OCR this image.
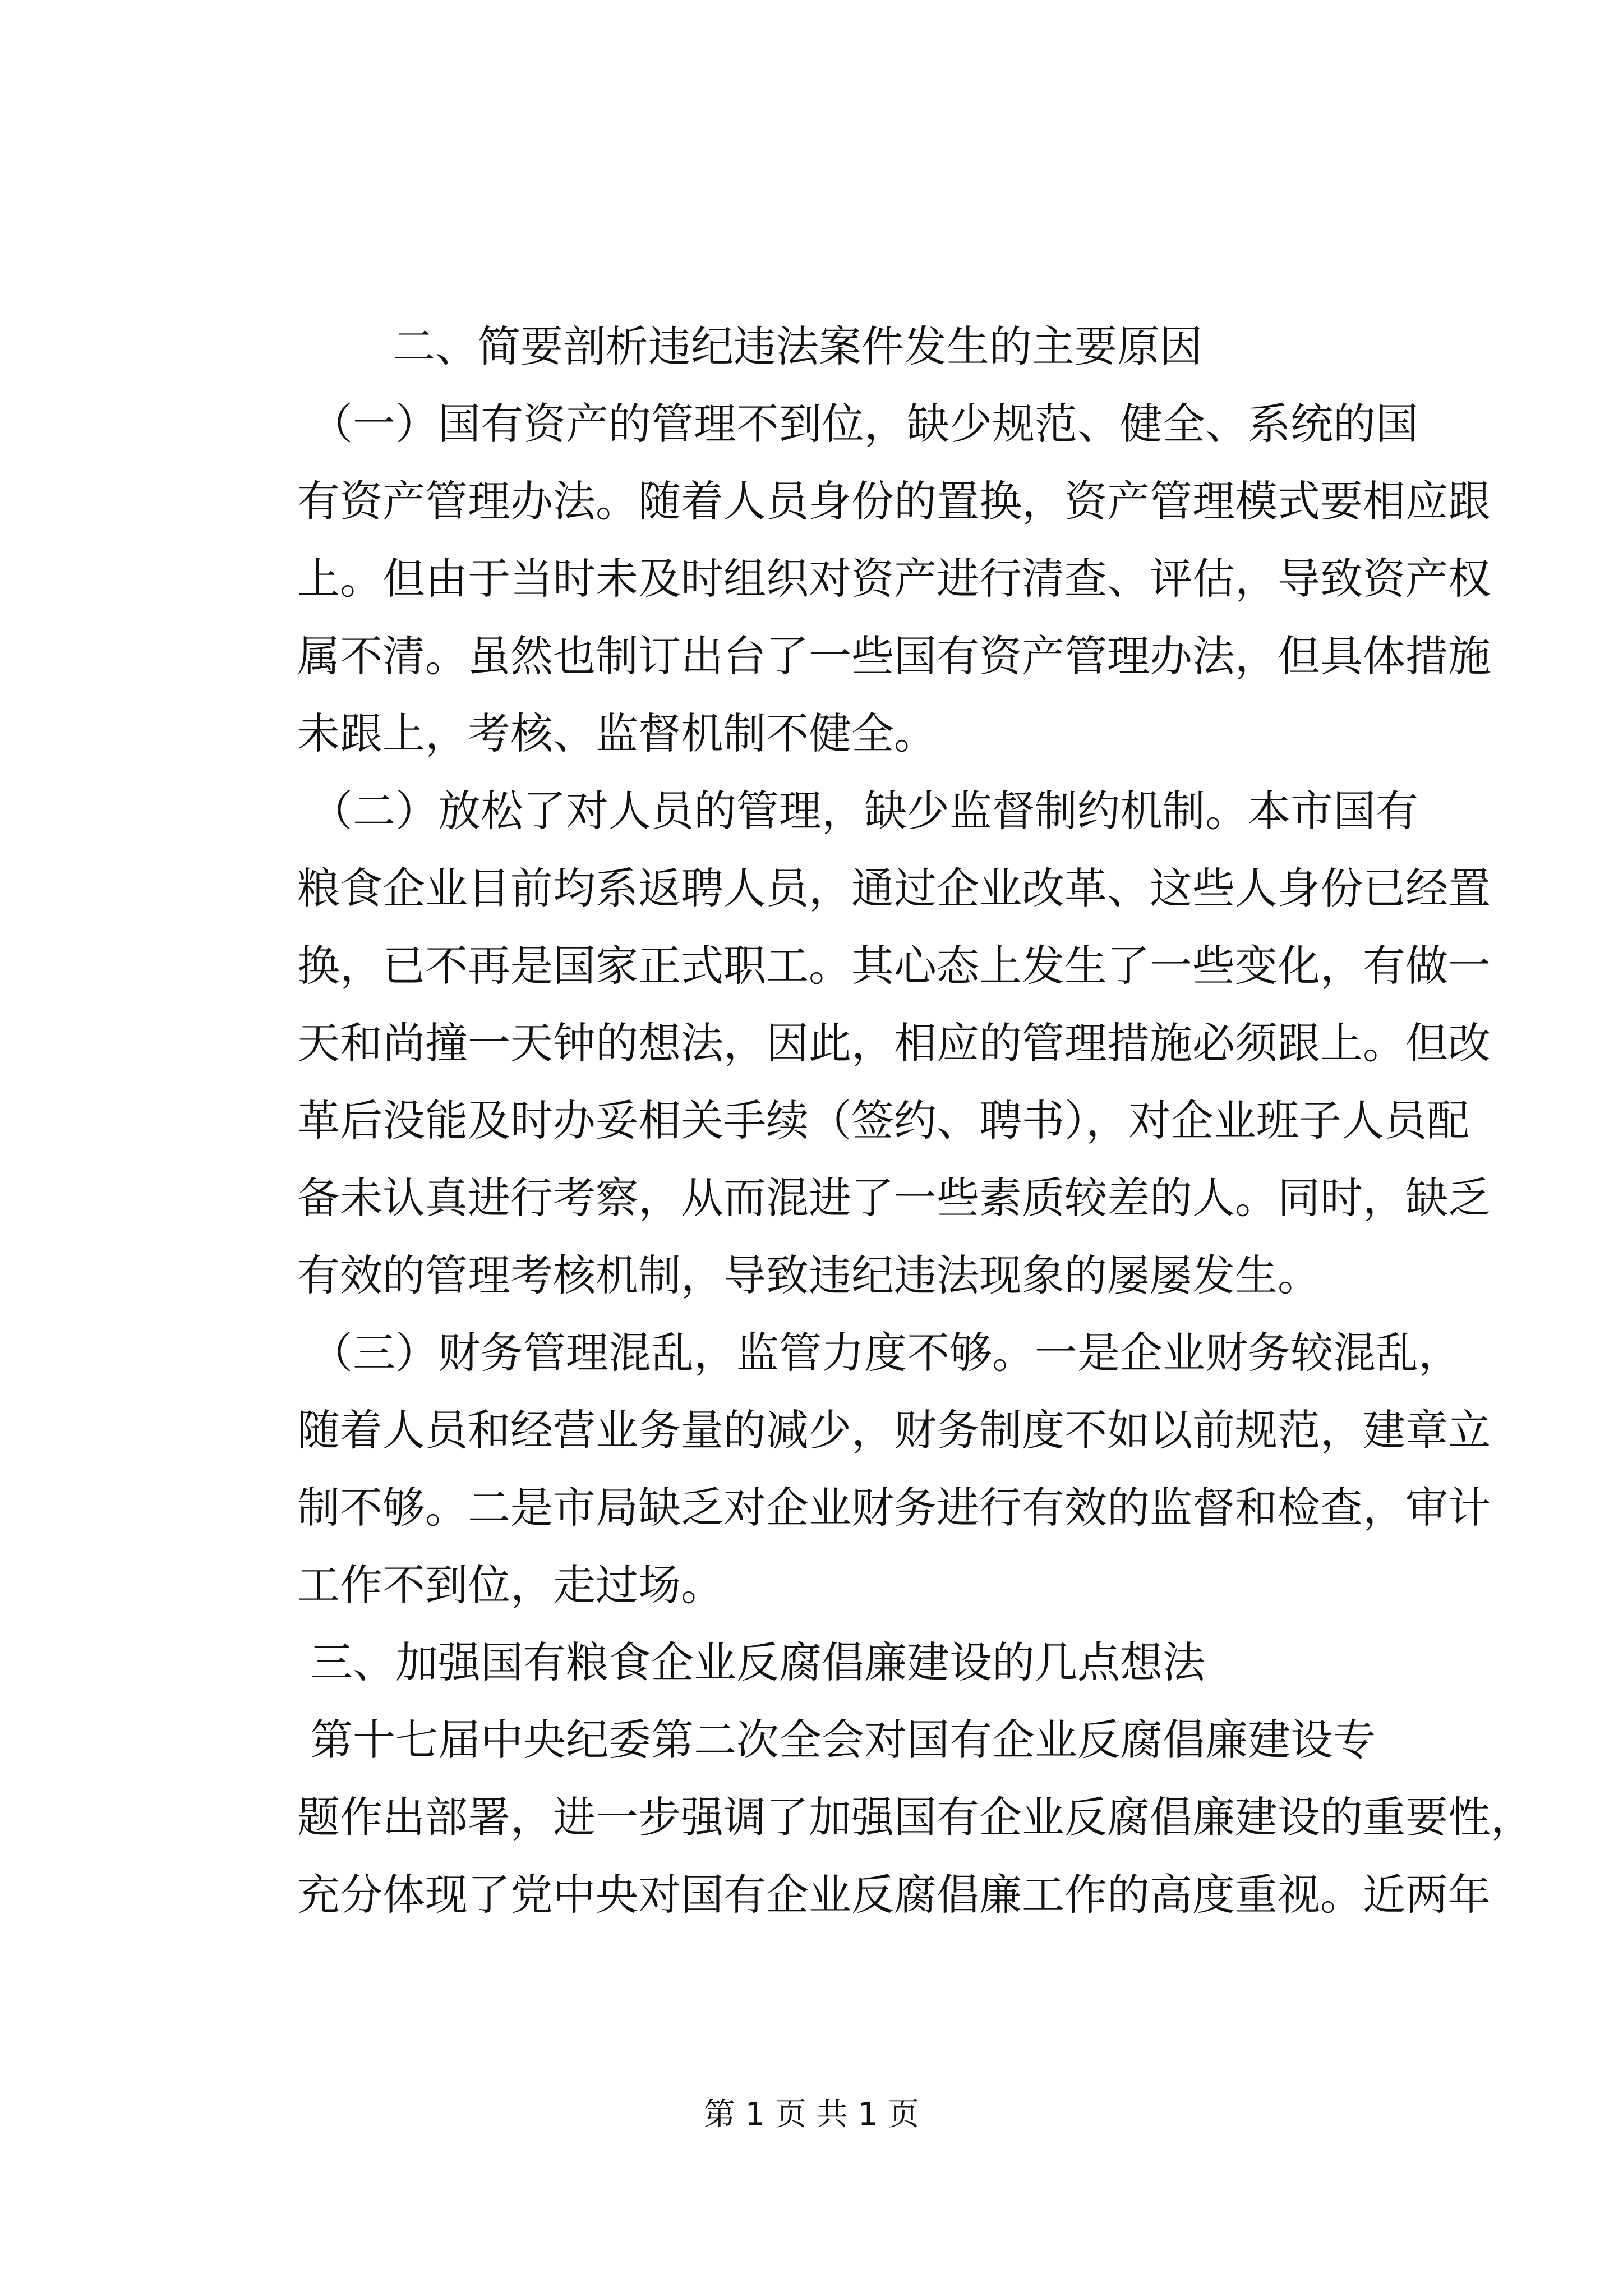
二、简要剖析违纪违法案件发生的主要原因
（一）国有资产的管理不到位，缺少规范、健全、系统的国
有资产管理办法。随着人员身份的置换，资产管理模式要相应跟
上。但由于当时未及时组织对资产进行清查、评估，导致资产权
属不清。虽然也制订出台了一些国有资产管理办法，但具体措施
未跟上，考核、监督机制不健全。
（二）放松了对人员的管理，缺少监督制约机制。本市国有
粮食企业目前均系返聘人员，通过企业改革、这些人身份已经置
换，已不再是国家正式职工。其心态上发生了一些变化，有做一
天和尚撞一天钟的想法，因此，相应的管理措施必须跟上。但改
革后没能及时办妥相关手续（签约、聘书），对企业班子人员配
备未认真进行考察，从而混进了一些素质较差的人。同时，缺乏
有效的管理考核机制，导致违纪违法现象的屡屡发生。
（三）财务管理混乱，监管力度不够。一是企业财务较混乱，
随着人员和经营业务量的减少，财务制度不如以前规范，建章立
制不够。二是市局缺乏对企业财务进行有效的监督和检查，审计
工作不到位，走过场。
三、加强国有粮食企业反腐倡廉建设的几点想法
第十七届中央纪委第二次全会对国有企业反腐倡廉建设专
题作出部署，进一步强调了加强国有企业反腐倡廉建设的重要性，
充分体现了党中央对国有企业反腐倡廉工作的高度重视。近两年
第 1 页 共 1 页
